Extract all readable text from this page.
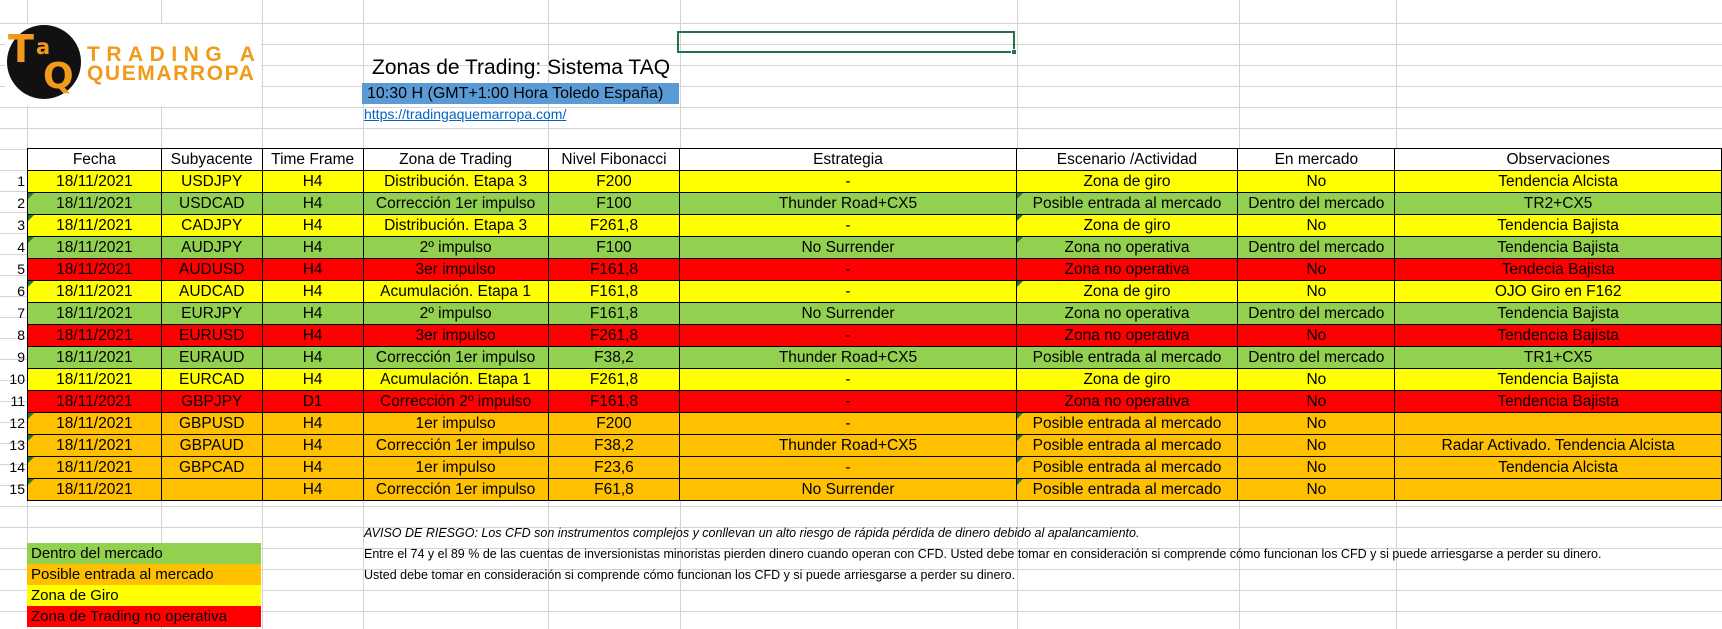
T a
Q
TRADING A
QUEMARROPA	Zonas de Trading: Sistema TAQ
10:30 H (GMT+1:00 Hora Toledo España)
https://tradingaquemarropa.com/
1
2
3
4
5
6
7
8
9
10
11
12
13
14
15
Fecha	Subyacente	Time Frame	Zona de Trading	Nivel Fibonacci	Estrategia	Escenario /Actividad	En mercado	Observaciones
18/11/2021	USDJPY	H4	Distribución. Etapa 3	F200	-	Zona de giro	No	Tendencia Alcista
18/11/2021	USDCAD	H4	Corrección 1er impulso	F100	Thunder Road+CX5	Posible entrada al mercado	Dentro del mercado	TR2+CX5
18/11/2021	CADJPY	H4	Distribución. Etapa 3	F261,8	-	Zona de giro	No	Tendencia Bajista
18/11/2021	AUDJPY	H4	2º impulso	F100	No Surrender	Zona no operativa	Dentro del mercado	Tendencia Bajista
18/11/2021	AUDUSD	H4	3er impulso	F161,8	-	Zona no operativa	No	Tendecia Bajista
18/11/2021	AUDCAD	H4	Acumulación. Etapa 1	F161,8	-	Zona de giro	No	OJO Giro en F162
18/11/2021	EURJPY	H4	2º impulso	F161,8	No Surrender	Zona no operativa	Dentro del mercado	Tendencia Bajista
18/11/2021	EURUSD	H4	3er impulso	F261,8	-	Zona no operativa	No	Tendencia Bajista
18/11/2021	EURAUD	H4	Corrección 1er impulso	F38,2	Thunder Road+CX5	Posible entrada al mercado	Dentro del mercado	TR1+CX5
18/11/2021	EURCAD	H4	Acumulación. Etapa 1	F261,8	-	Zona de giro	No	Tendencia Bajista
18/11/2021	GBPJPY	D1	Corrección 2º impulso	F161,8	-	Zona no operativa	No	Tendencia Bajista
18/11/2021	GBPUSD	H4	1er impulso	F200	-	Posible entrada al mercado	No	
18/11/2021	GBPAUD	H4	Corrección 1er impulso	F38,2	Thunder Road+CX5	Posible entrada al mercado	No	Radar Activado. Tendencia Alcista
18/11/2021	GBPCAD	H4	1er impulso	F23,6	-	Posible entrada al mercado	No	Tendencia Alcista
18/11/2021		H4	Corrección 1er impulso	F61,8	No Surrender	Posible entrada al mercado	No	
Dentro del mercado
Posible entrada al mercado
Zona de Giro
Zona de Trading no operativa
AVISO DE RIESGO: Los CFD son instrumentos complejos y conllevan un alto riesgo de rápida pérdida de dinero debido al apalancamiento.
Entre el 74 y el 89 % de las cuentas de inversionistas minoristas pierden dinero cuando operan con CFD. Usted debe tomar en consideración si comprende cómo funcionan los CFD y si puede arriesgarse a perder su dinero.
Usted debe tomar en consideración si comprende cómo funcionan los CFD y si puede arriesgarse a perder su dinero.
